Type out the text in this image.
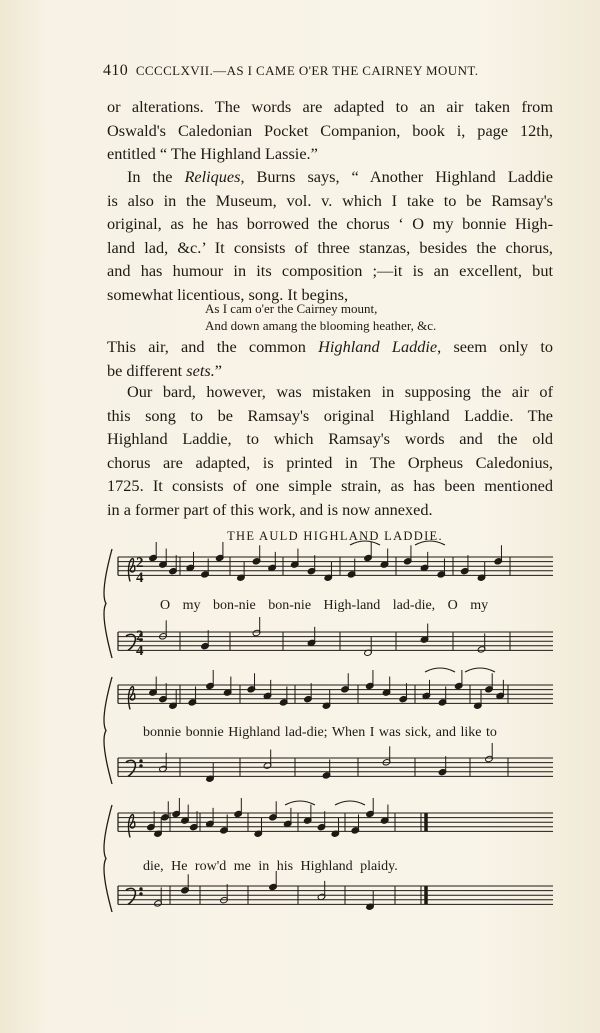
410 CCCCLXVII.—AS I CAME O'ER THE CAIRNEY MOUNT.
or alterations. The words are adapted to an air taken from
Oswald's Caledonian Pocket Companion, book i, page 12th,
entitled “ The Highland Lassie.”
In the Reliques, Burns says, “ Another Highland Laddie
is also in the Museum, vol. v. which I take to be Ramsay's
original, as he has borrowed the chorus ‘ O my bonnie High-
land lad, &c.’ It consists of three stanzas, besides the chorus,
and has humour in its composition ;—it is an excellent, but
somewhat licentious, song. It begins,
As I cam o'er the Cairney mount,
And down amang the blooming heather, &c.
This air, and the common Highland Laddie, seem only to
be different sets.”
Our bard, however, was mistaken in supposing the air of
this song to be Ramsay's original Highland Laddie. The
Highland Laddie, to which Ramsay's words and the old
chorus are adapted, is printed in The Orpheus Caledonius,
1725. It consists of one simple strain, as has been mentioned
in a former part of this work, and is now annexed.
THE AULD HIGHLAND LADDIE.
2
4
2
4
O my bon-nie bon-nie High-land lad-die, O my
bonnie bonnie Highland lad-die; When I was sick, and like to
die, He row'd me in his Highland plaidy.
